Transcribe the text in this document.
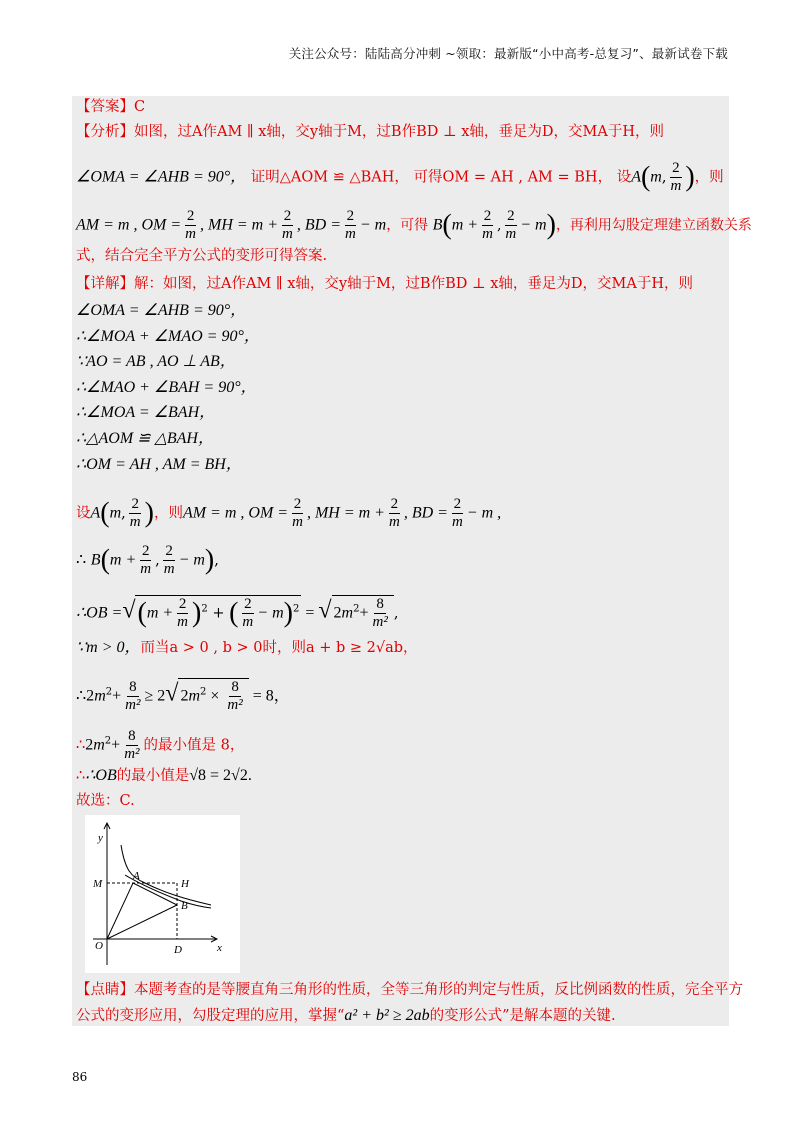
关注公众号：陆陆高分冲刺 ~领取：最新版“小中高考-总复习”、最新试卷下载
【答案】C
【分析】如图，过A作AM ∥ x轴，交y轴于M，过B作BD ⊥ x轴，垂足为D，交MA于H，则
∠OMA = ∠AHB = 90°， 证明△AOM ≌ △BAH， 可得OM = AH , AM = BH， 设A(m, $\frac{2}{m}$ )，则
AM = m , OM = $\frac{2}{m}$ , MH = $m + \frac{2}{m}$ , BD = $\frac{2}{m} - m$，可得 $B(m + \frac{2}{m}$ , $\frac{2}{m} - m$)，再利用勾股定理建立函数关系
式，结合完全平方公式的变形可得答案.
【详解】解：如图，过A作AM ∥ x轴，交y轴于M，过B作BD ⊥ x轴，垂足为D，交MA于H，则
∠OMA = ∠AHB = 90°，
∴∠MOA + ∠MAO = 90°，
∵AO = AB , AO ⊥ AB，
∴∠MAO + ∠BAH = 90°，
∴∠MOA = ∠BAH，
∴△AOM ≌ △BAH，
∴OM = AH , AM = BH，
设A(m, $\frac{2}{m}$ )，则AM = m , OM = $\frac{2}{m}$ , MH = $m + \frac{2}{m}$ , BD = $\frac{2}{m} - m$ ,
∴ $B(m + \frac{2}{m}$ , $\frac{2}{m} - m$),
∴OB $=√(m + \frac{2}{m} )^2$ + ( $\frac{2}{m} - m)^2$ = √ $2m^2+ \frac{8}{\text{m²}}$ ,
∵m > 0，而当a > 0 , b > 0时，则a + b ≥ 2√ab，
$\therefore 2m^2+ \frac{8}{\text{m²}} \ge 2√$ $2m^2 \times \frac{8}{\text{m²}} = 8$，
$\therefore 2m^2+ \frac{8}{\text{m²}}$ 的最小值是 8，
∴∴OB的最小值是√8 = 2√2.
故选：C.
y
M
A
H
B
O	D	x
【点睛】本题考查的是等腰直角三角形的性质，全等三角形的判定与性质，反比例函数的性质，完全平方
公式的变形应用，勾股定理的应用，掌握“a² + b² ≥ 2ab的变形公式”是解本题的关键.
86
